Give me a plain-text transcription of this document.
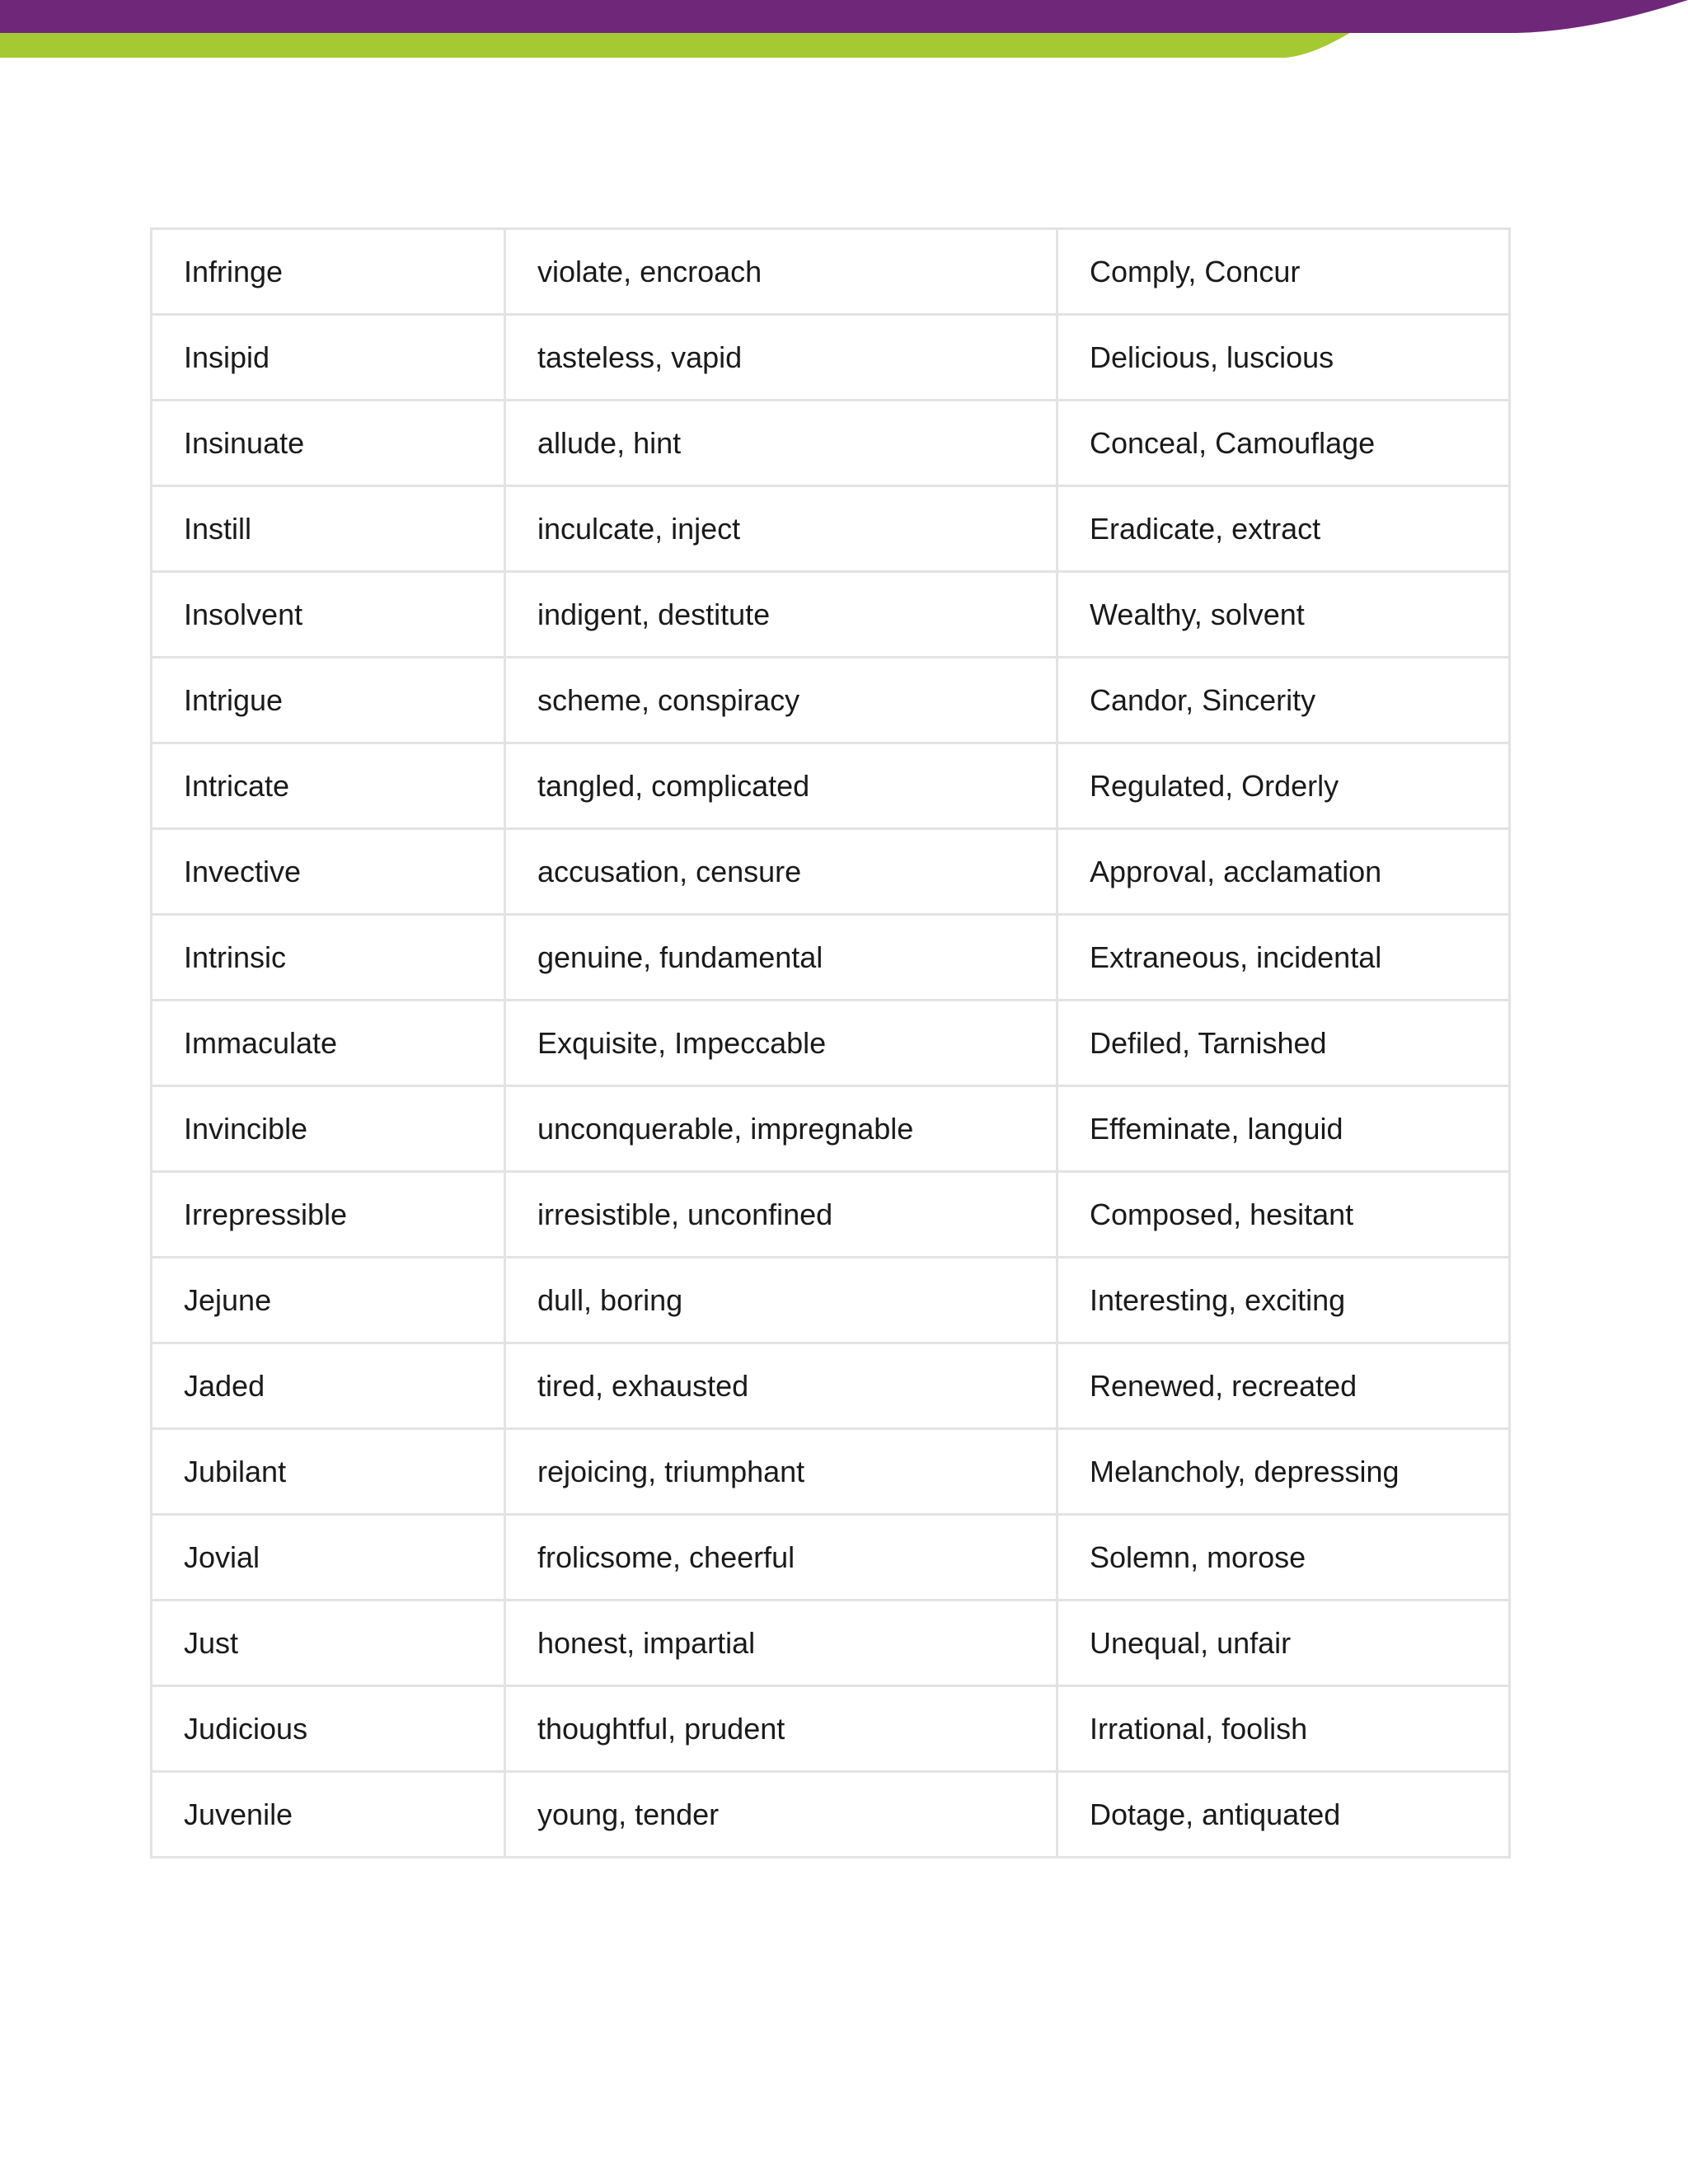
Infringe	violate, encroach	Comply, Concur
Insipid	tasteless, vapid	Delicious, luscious
Insinuate	allude, hint	Conceal, Camouflage
Instill	inculcate, inject	Eradicate, extract
Insolvent	indigent, destitute	Wealthy, solvent
Intrigue	scheme, conspiracy	Candor, Sincerity
Intricate	tangled, complicated	Regulated, Orderly
Invective	accusation, censure	Approval, acclamation
Intrinsic	genuine, fundamental	Extraneous, incidental
Immaculate	Exquisite, Impeccable	Defiled, Tarnished
Invincible	unconquerable, impregnable	Effeminate, languid
Irrepressible	irresistible, unconfined	Composed, hesitant
Jejune	dull, boring	Interesting, exciting
Jaded	tired, exhausted	Renewed, recreated
Jubilant	rejoicing, triumphant	Melancholy, depressing
Jovial	frolicsome, cheerful	Solemn, morose
Just	honest, impartial	Unequal, unfair
Judicious	thoughtful, prudent	Irrational, foolish
Juvenile	young, tender	Dotage, antiquated
